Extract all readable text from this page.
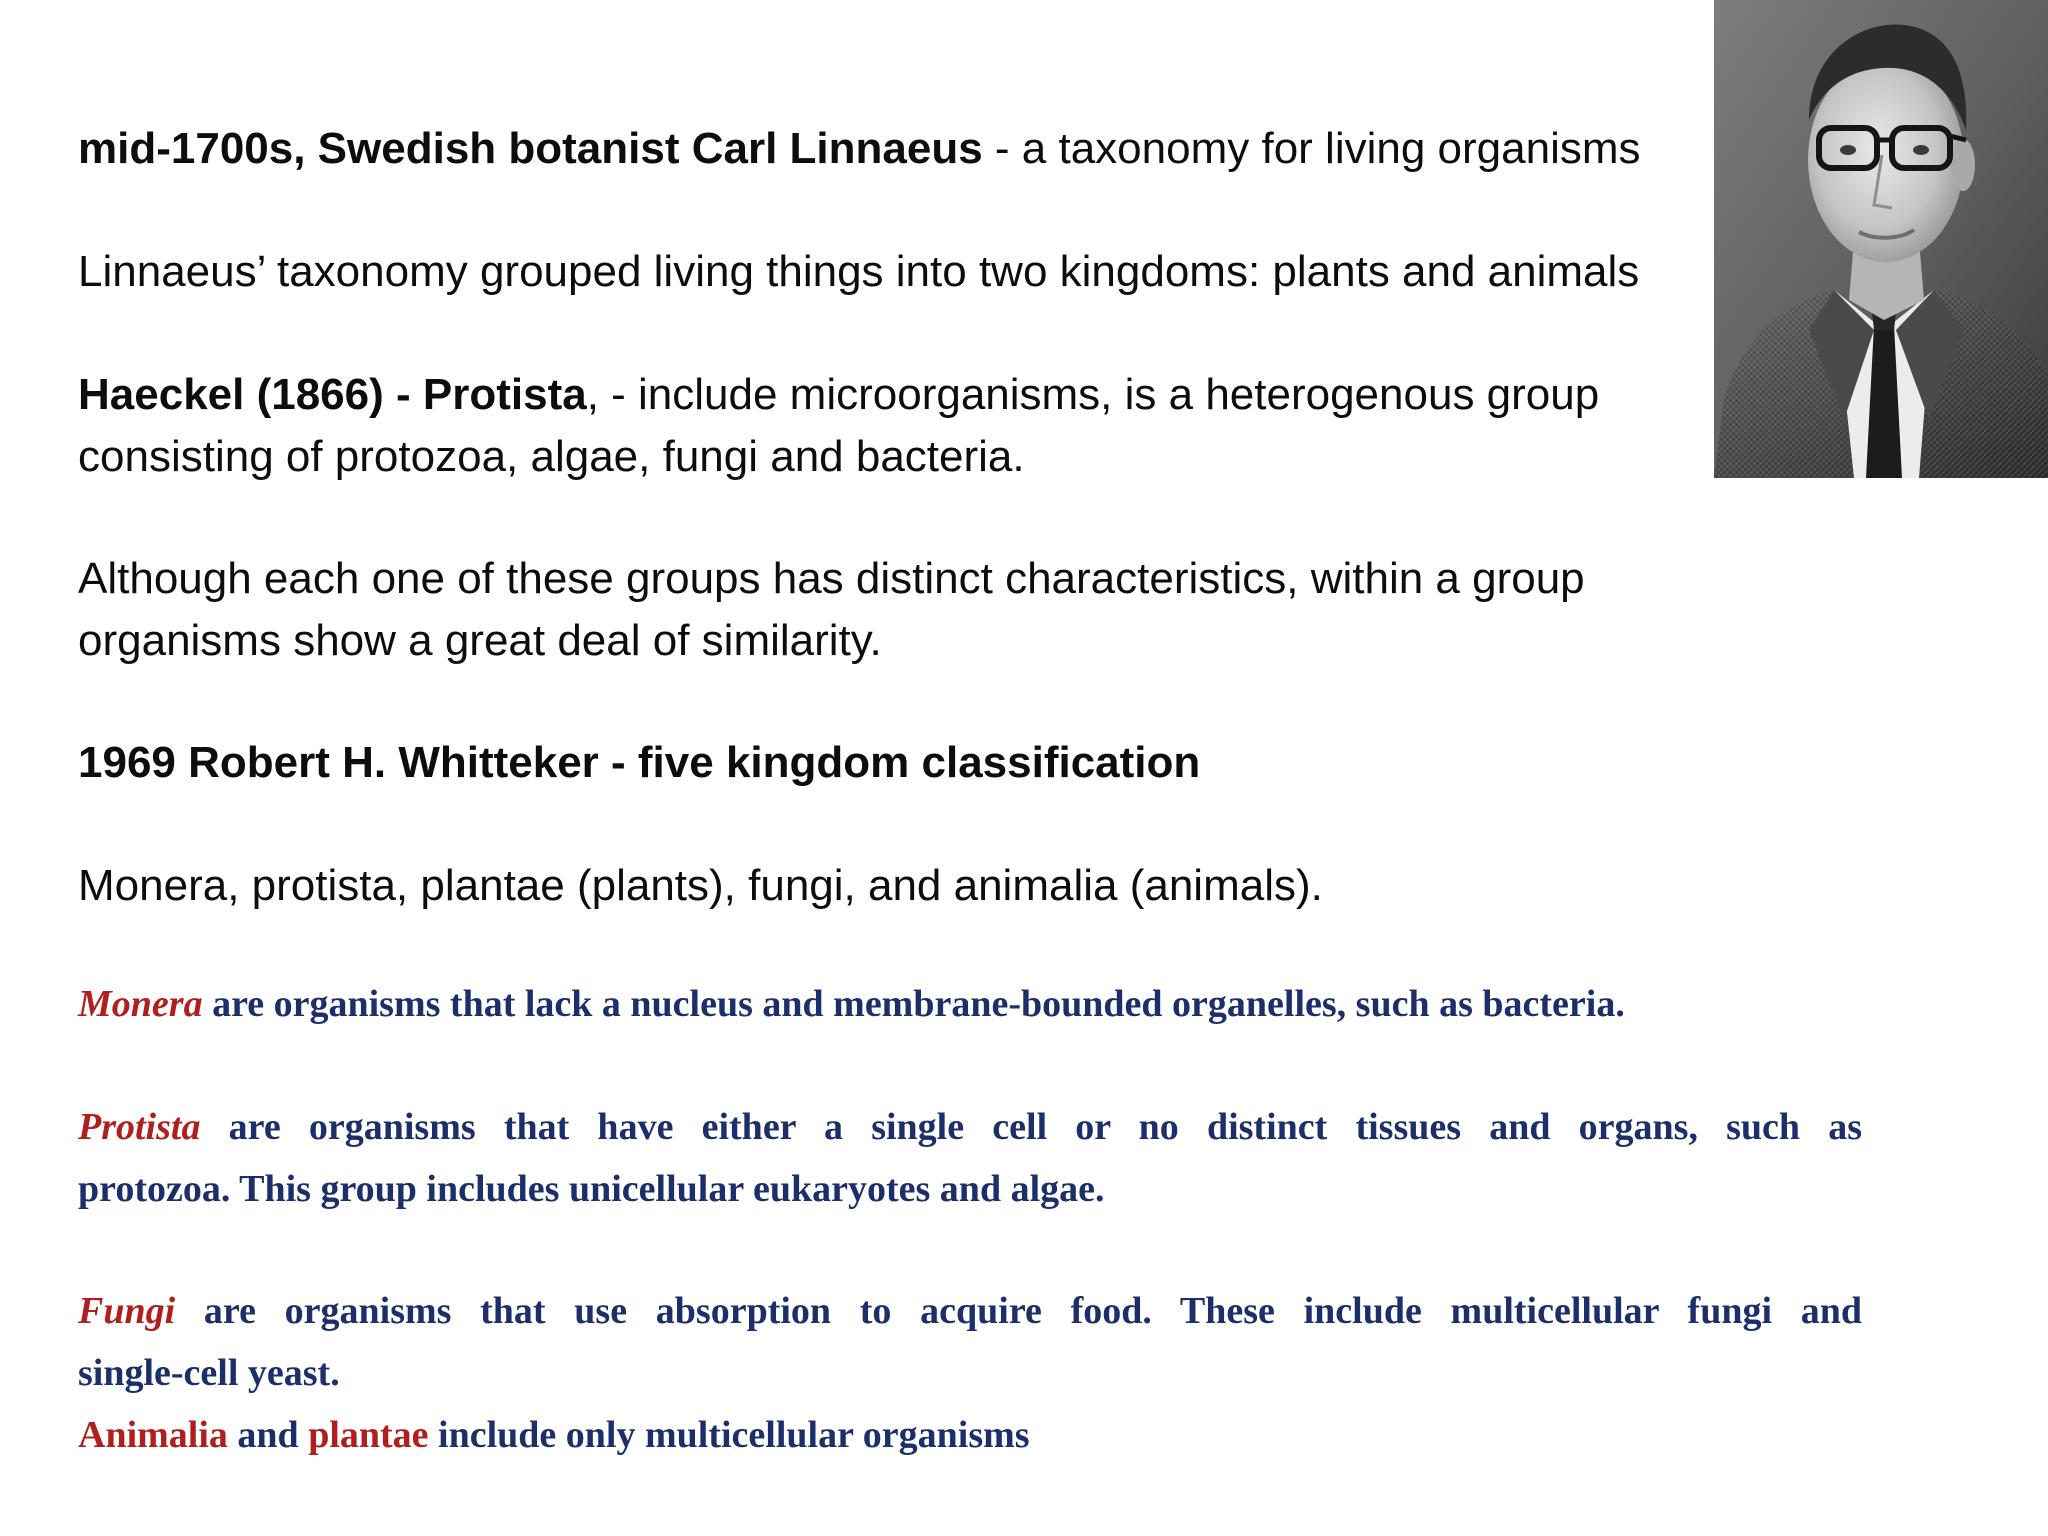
mid-1700s, Swedish botanist Carl Linnaeus - a taxonomy for living organisms

Linnaeus’ taxonomy grouped living things into two kingdoms: plants and animals

Haeckel (1866) - Protista, - include microorganisms, is a heterogenous group

consisting of protozoa, algae, fungi and bacteria.

Although each one of these groups has distinct characteristics, within a group

organisms show a great deal of similarity.

1969 Robert H. Whitteker - five kingdom classification

Monera, protista, plantae (plants), fungi, and animalia (animals).

Monera are organisms that lack a nucleus and membrane-bounded organelles, such as bacteria.

Protista are organisms that have either a single cell or no distinct tissues and organs, such as

protozoa. This group includes unicellular eukaryotes and algae.

Fungi are organisms that use absorption to acquire food. These include multicellular fungi and

single-cell yeast.

Animalia and plantae include only multicellular organisms
